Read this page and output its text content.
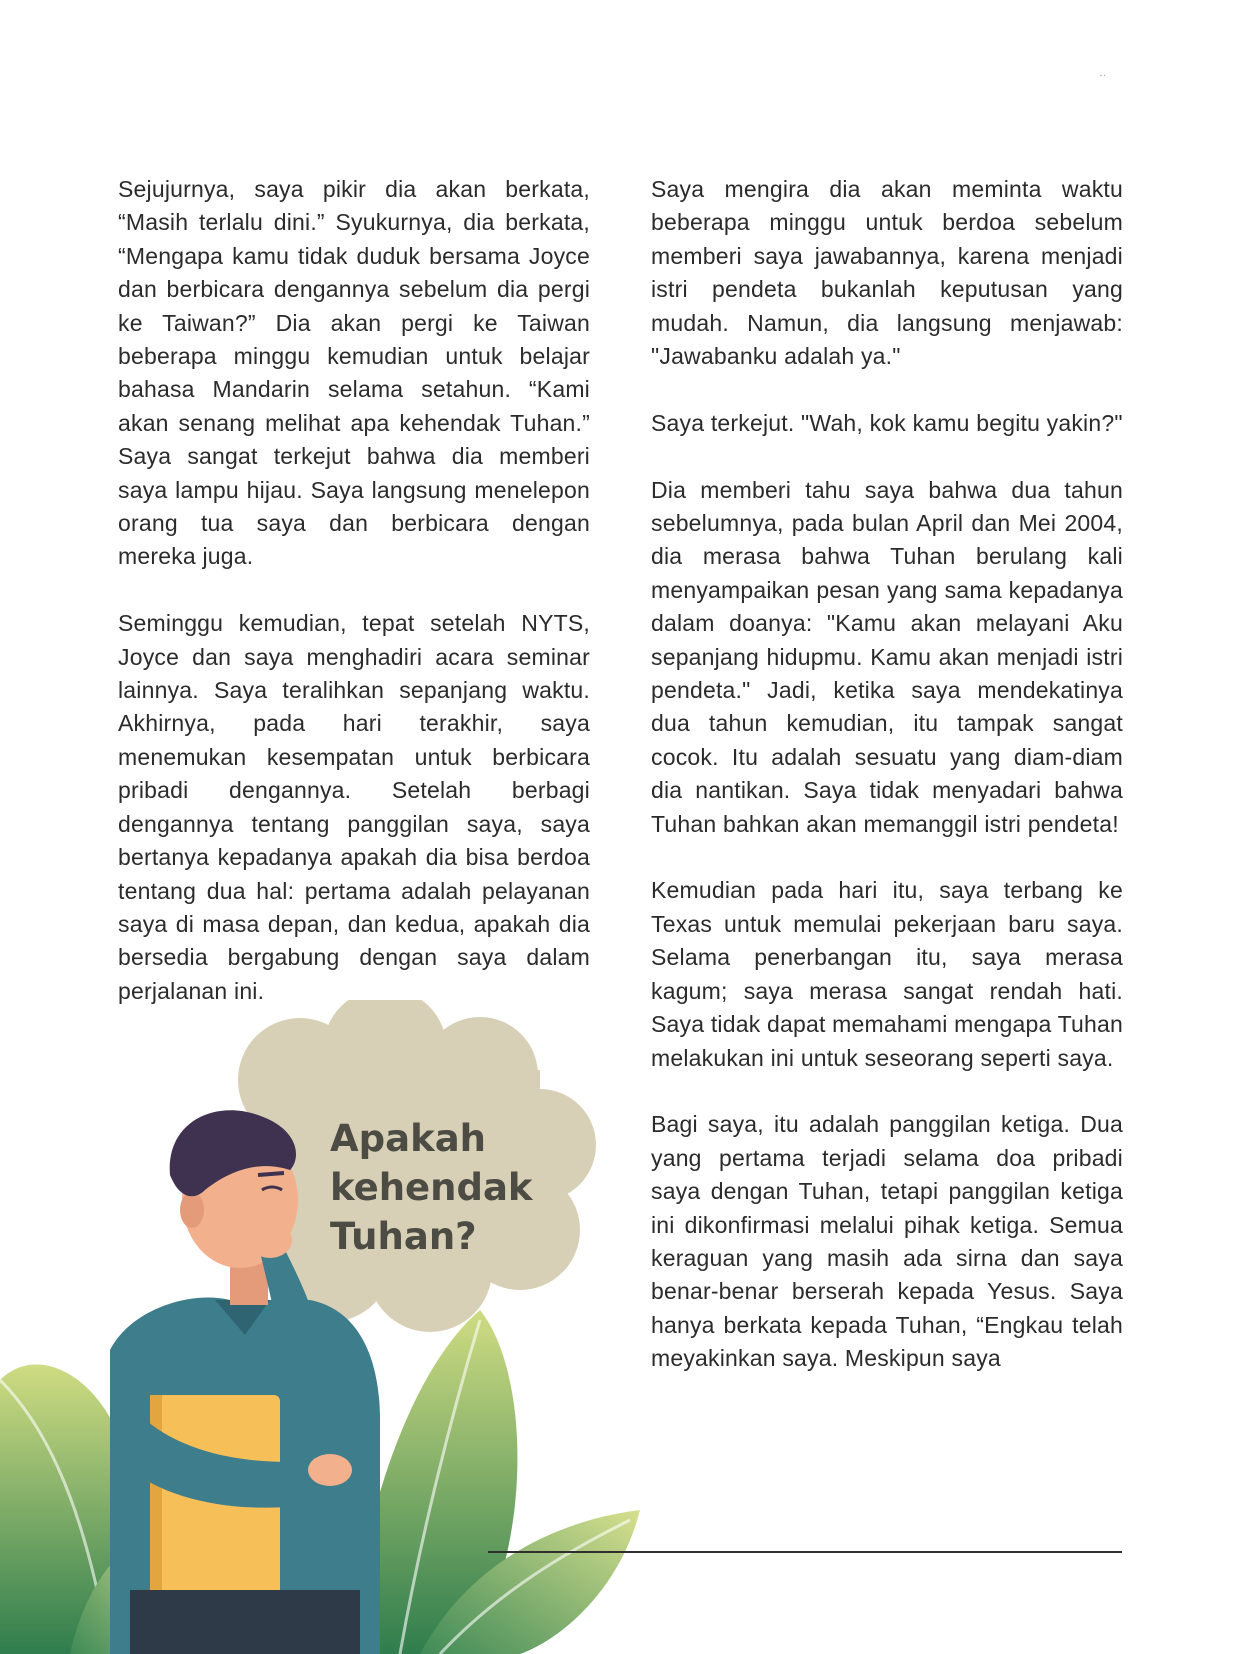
Sejujurnya, saya pikir dia akan berkata, “Masih terlalu dini.” Syukurnya, dia berkata, “Mengapa kamu tidak duduk bersama Joyce dan berbicara dengannya sebelum dia pergi ke Taiwan?” Dia akan pergi ke Taiwan beberapa minggu kemudian untuk belajar bahasa Mandarin selama setahun. “Kami akan senang melihat apa kehendak Tuhan.” Saya sangat terkejut bahwa dia memberi saya lampu hijau. Saya langsung menelepon orang tua saya dan berbicara dengan mereka juga.

Seminggu kemudian, tepat setelah NYTS, Joyce dan saya menghadiri acara seminar lainnya. Saya teralihkan sepanjang waktu. Akhirnya, pada hari terakhir, saya menemukan kesempatan untuk berbicara pribadi dengannya. Setelah berbagi dengannya tentang panggilan saya, saya bertanya kepadanya apakah dia bisa berdoa tentang dua hal: pertama adalah pelayanan saya di masa depan, dan kedua, apakah dia bersedia bergabung dengan saya dalam perjalanan ini.

Saya mengira dia akan meminta waktu beberapa minggu untuk berdoa sebelum memberi saya jawabannya, karena menjadi istri pendeta bukanlah keputusan yang mudah. Namun, dia langsung menjawab: "Jawabanku adalah ya."

Saya terkejut. "Wah, kok kamu begitu yakin?"

Dia memberi tahu saya bahwa dua tahun sebelumnya, pada bulan April dan Mei 2004, dia merasa bahwa Tuhan berulang kali menyampaikan pesan yang sama kepadanya dalam doanya: "Kamu akan melayani Aku sepanjang hidupmu. Kamu akan menjadi istri pendeta." Jadi, ketika saya mendekatinya dua tahun kemudian, itu tampak sangat cocok. Itu adalah sesuatu yang diam-diam dia nantikan. Saya tidak menyadari bahwa Tuhan bahkan akan memanggil istri pendeta!

Kemudian pada hari itu, saya terbang ke Texas untuk memulai pekerjaan baru saya. Selama penerbangan itu, saya merasa kagum; saya merasa sangat rendah hati. Saya tidak dapat memahami mengapa Tuhan melakukan ini untuk seseorang seperti saya.

Bagi saya, itu adalah panggilan ketiga. Dua yang pertama terjadi selama doa pribadi saya dengan Tuhan, tetapi panggilan ketiga ini dikonfirmasi melalui pihak ketiga. Semua keraguan yang masih ada sirna dan saya benar-benar berserah kepada Yesus. Saya hanya berkata kepada Tuhan, “Engkau telah meyakinkan saya. Meskipun saya

Apakah
kehendak
Tuhan?
